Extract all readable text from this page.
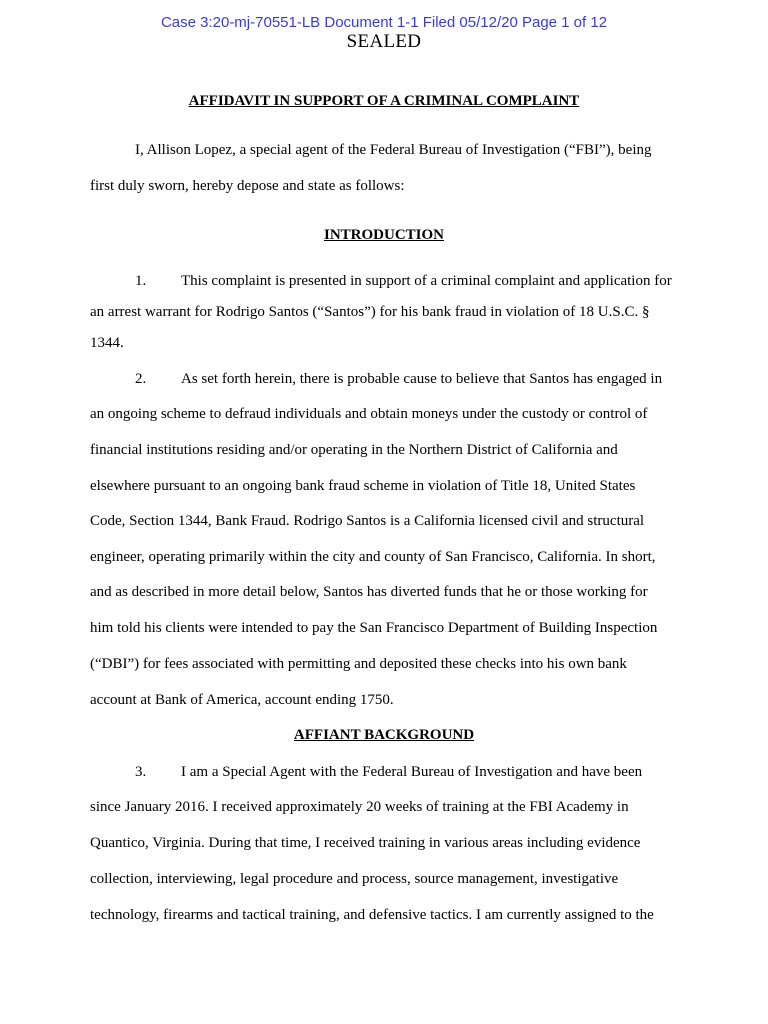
Case 3:20-mj-70551-LB Document 1-1 Filed 05/12/20 Page 1 of 12
SEALED
AFFIDAVIT IN SUPPORT OF A CRIMINAL COMPLAINT
I, Allison Lopez, a special agent of the Federal Bureau of Investigation (“FBI”), being
first duly sworn, hereby depose and state as follows:
INTRODUCTION
1. This complaint is presented in support of a criminal complaint and application for
an arrest warrant for Rodrigo Santos (“Santos”) for his bank fraud in violation of 18 U.S.C. §
1344.
2. As set forth herein, there is probable cause to believe that Santos has engaged in
an ongoing scheme to defraud individuals and obtain moneys under the custody or control of
financial institutions residing and/or operating in the Northern District of California and
elsewhere pursuant to an ongoing bank fraud scheme in violation of Title 18, United States
Code, Section 1344, Bank Fraud. Rodrigo Santos is a California licensed civil and structural
engineer, operating primarily within the city and county of San Francisco, California. In short,
and as described in more detail below, Santos has diverted funds that he or those working for
him told his clients were intended to pay the San Francisco Department of Building Inspection
(“DBI”) for fees associated with permitting and deposited these checks into his own bank
account at Bank of America, account ending 1750.
AFFIANT BACKGROUND
3. I am a Special Agent with the Federal Bureau of Investigation and have been
since January 2016. I received approximately 20 weeks of training at the FBI Academy in
Quantico, Virginia. During that time, I received training in various areas including evidence
collection, interviewing, legal procedure and process, source management, investigative
technology, firearms and tactical training, and defensive tactics. I am currently assigned to the
